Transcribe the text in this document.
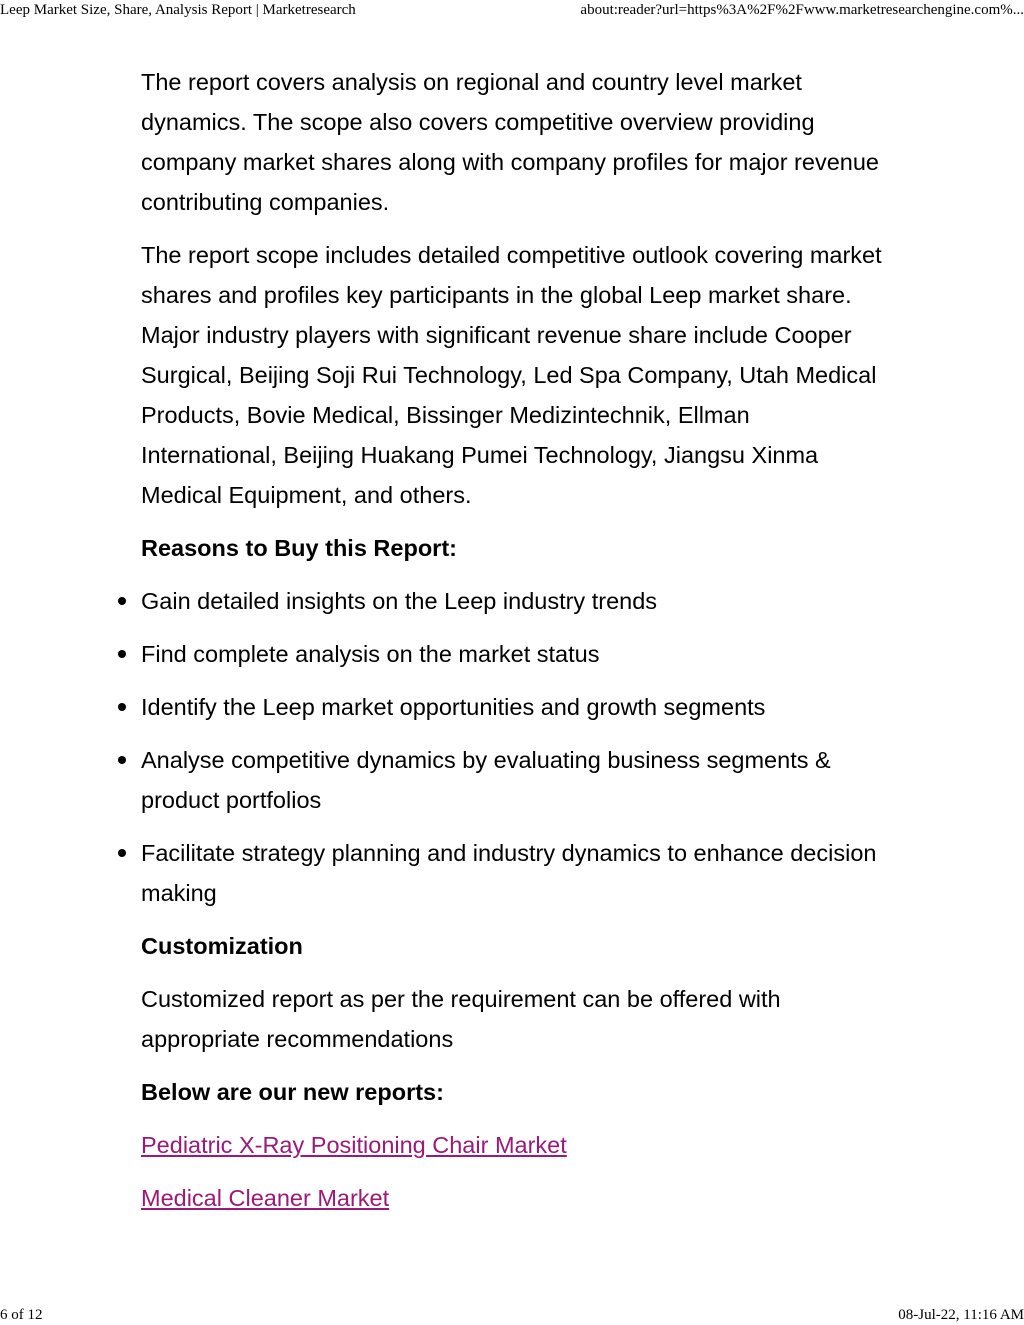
Leep Market Size, Share, Analysis Report | Marketresearch	about:reader?url=https%3A%2F%2Fwww.marketresearchengine.com%...

The report covers analysis on regional and country level market dynamics. The scope also covers competitive overview providing company market shares along with company profiles for major revenue contributing companies.

The report scope includes detailed competitive outlook covering market shares and profiles key participants in the global Leep market share. Major industry players with significant revenue share include Cooper Surgical, Beijing Soji Rui Technology, Led Spa Company, Utah Medical Products, Bovie Medical, Bissinger Medizintechnik, Ellman International, Beijing Huakang Pumei Technology, Jiangsu Xinma Medical Equipment, and others.

Reasons to Buy this Report:
Gain detailed insights on the Leep industry trends
Find complete analysis on the market status
Identify the Leep market opportunities and growth segments
Analyse competitive dynamics by evaluating business segments & product portfolios
Facilitate strategy planning and industry dynamics to enhance decision making
Customization

Customized report as per the requirement can be offered with appropriate recommendations

Below are our new reports:

Pediatric X-Ray Positioning Chair Market

Medical Cleaner Market

6 of 12	08-Jul-22, 11:16 AM
